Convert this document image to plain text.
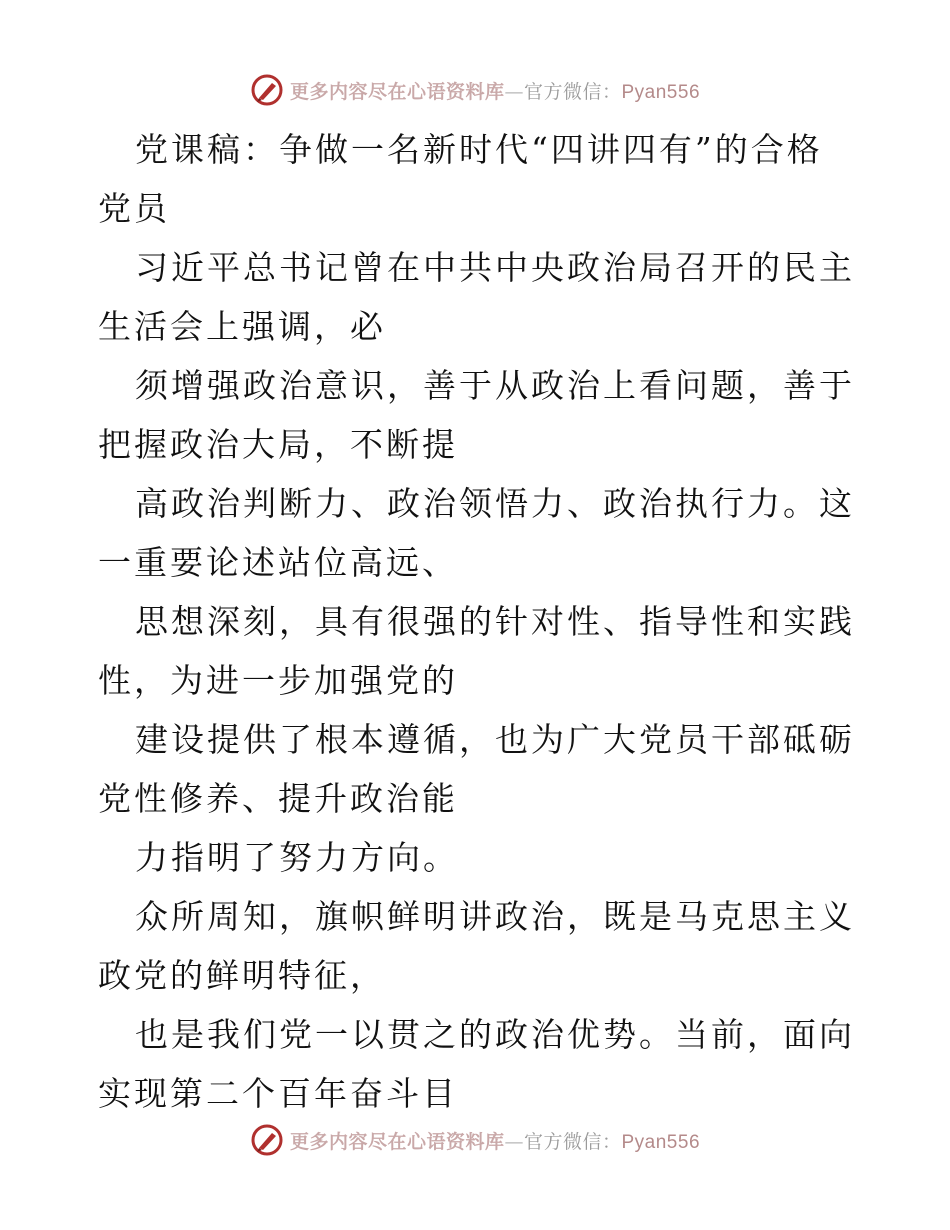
更多内容尽在心语资料库—官方微信：Pyan556

党课稿：争做一名新时代“四讲四有”的合格党员

习近平总书记曾在中共中央政治局召开的民主生活会上强调，必

须增强政治意识，善于从政治上看问题，善于把握政治大局，不断提

高政治判断力、政治领悟力、政治执行力。这一重要论述站位高远、

思想深刻，具有很强的针对性、指导性和实践性，为进一步加强党的

建设提供了根本遵循，也为广大党员干部砥砺党性修养、提升政治能

力指明了努力方向。

众所周知，旗帜鲜明讲政治，既是马克思主义政党的鲜明特征，

也是我们党一以贯之的政治优势。当前，面向实现第二个百年奋斗目

更多内容尽在心语资料库—官方微信：Pyan556
